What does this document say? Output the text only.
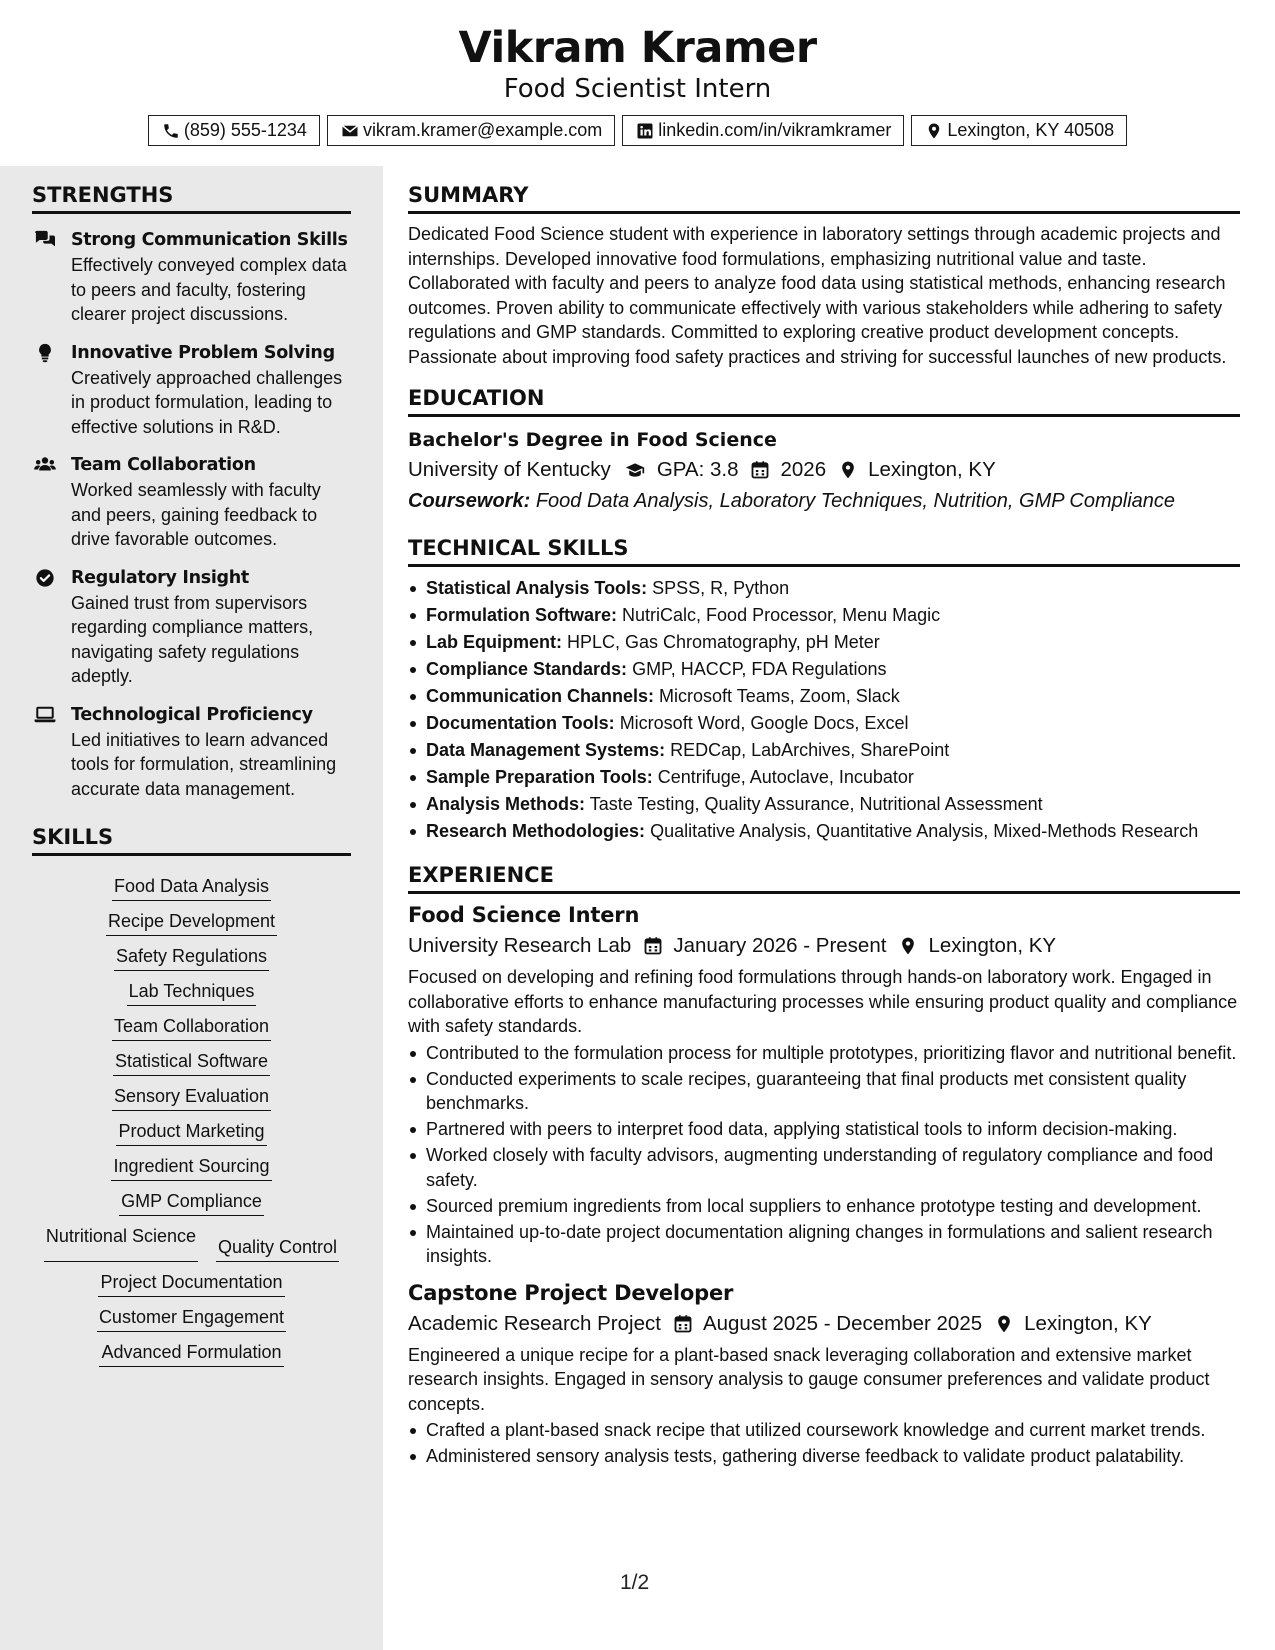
Vikram Kramer
Food Scientist Intern
(859) 555-1234	vikram.kramer@example.com	linkedin.com/in/vikramkramer	Lexington, KY 40508
STRENGTHS
Strong Communication Skills
Effectively conveyed complex data to peers and faculty, fostering clearer project discussions.
Innovative Problem Solving
Creatively approached challenges in product formulation, leading to effective solutions in R&D.
Team Collaboration
Worked seamlessly with faculty and peers, gaining feedback to drive favorable outcomes.
Regulatory Insight
Gained trust from supervisors regarding compliance matters, navigating safety regulations adeptly.
Technological Proficiency
Led initiatives to learn advanced tools for formulation, streamlining accurate data management.
SKILLS
Food Data Analysis
Recipe Development
Safety Regulations
Lab Techniques
Team Collaboration
Statistical Software
Sensory Evaluation
Product Marketing
Ingredient Sourcing
GMP Compliance
Nutritional Science
Quality Control
Project Documentation
Customer Engagement
Advanced Formulation
SUMMARY
Dedicated Food Science student with experience in laboratory settings through academic projects and internships. Developed innovative food formulations, emphasizing nutritional value and taste. Collaborated with faculty and peers to analyze food data using statistical methods, enhancing research outcomes. Proven ability to communicate effectively with various stakeholders while adhering to safety regulations and GMP standards. Committed to exploring creative product development concepts. Passionate about improving food safety practices and striving for successful launches of new products.
EDUCATION
Bachelor's Degree in Food Science
University of Kentucky GPA: 3.8 2026 Lexington, KY
Coursework: Food Data Analysis, Laboratory Techniques, Nutrition, GMP Compliance
TECHNICAL SKILLS
Statistical Analysis Tools: SPSS, R, Python
Formulation Software: NutriCalc, Food Processor, Menu Magic
Lab Equipment: HPLC, Gas Chromatography, pH Meter
Compliance Standards: GMP, HACCP, FDA Regulations
Communication Channels: Microsoft Teams, Zoom, Slack
Documentation Tools: Microsoft Word, Google Docs, Excel
Data Management Systems: REDCap, LabArchives, SharePoint
Sample Preparation Tools: Centrifuge, Autoclave, Incubator
Analysis Methods: Taste Testing, Quality Assurance, Nutritional Assessment
Research Methodologies: Qualitative Analysis, Quantitative Analysis, Mixed-Methods Research
EXPERIENCE
Food Science Intern
University Research Lab January 2026 - Present Lexington, KY
Focused on developing and refining food formulations through hands-on laboratory work. Engaged in collaborative efforts to enhance manufacturing processes while ensuring product quality and compliance with safety standards.
Contributed to the formulation process for multiple prototypes, prioritizing flavor and nutritional benefit.
Conducted experiments to scale recipes, guaranteeing that final products met consistent quality benchmarks.
Partnered with peers to interpret food data, applying statistical tools to inform decision-making.
Worked closely with faculty advisors, augmenting understanding of regulatory compliance and food safety.
Sourced premium ingredients from local suppliers to enhance prototype testing and development.
Maintained up-to-date project documentation aligning changes in formulations and salient research insights.
Capstone Project Developer
Academic Research Project August 2025 - December 2025 Lexington, KY
Engineered a unique recipe for a plant-based snack leveraging collaboration and extensive market research insights. Engaged in sensory analysis to gauge consumer preferences and validate product concepts.
Crafted a plant-based snack recipe that utilized coursework knowledge and current market trends.
Administered sensory analysis tests, gathering diverse feedback to validate product palatability.
1/2
